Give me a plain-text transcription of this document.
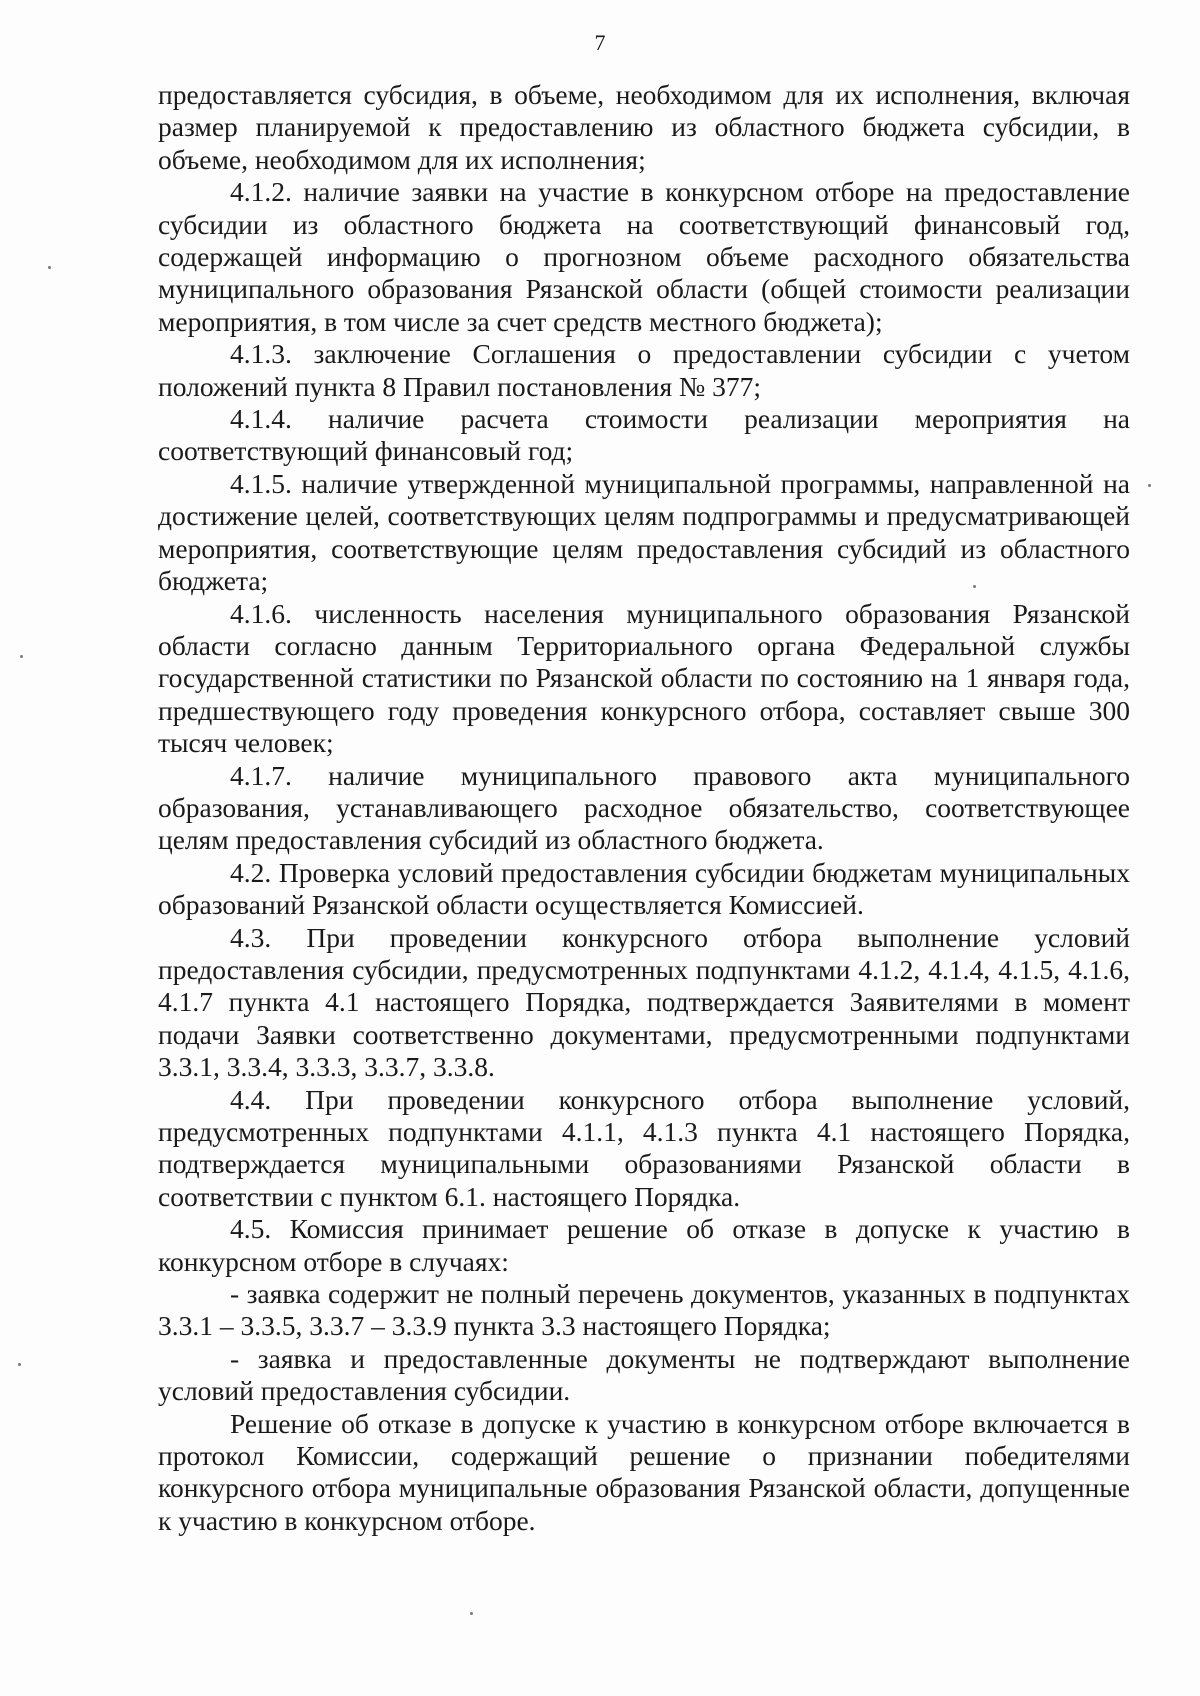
7

предоставляется субсидия, в объеме, необходимом для их исполнения, включая размер планируемой к предоставлению из областного бюджета субсидии, в объеме, необходимом для их исполнения;

4.1.2. наличие заявки на участие в конкурсном отборе на предоставление субсидии из областного бюджета на соответствующий финансовый год, содержащей информацию о прогнозном объеме расходного обязательства муниципального образования Рязанской области (общей стоимости реализации мероприятия, в том числе за счет средств местного бюджета);

4.1.3. заключение Соглашения о предоставлении субсидии с учетом положений пункта 8 Правил постановления № 377;

4.1.4. наличие расчета стоимости реализации мероприятия на соответствующий финансовый год;

4.1.5. наличие утвержденной муниципальной программы, направленной на достижение целей, соответствующих целям подпрограммы и предусматривающей мероприятия, соответствующие целям предоставления субсидий из областного бюджета;

4.1.6. численность населения муниципального образования Рязанской области согласно данным Территориального органа Федеральной службы государственной статистики по Рязанской области по состоянию на 1 января года, предшествующего году проведения конкурсного отбора, составляет свыше 300 тысяч человек;

4.1.7. наличие муниципального правового акта муниципального образования, устанавливающего расходное обязательство, соответствующее целям предоставления субсидий из областного бюджета.

4.2. Проверка условий предоставления субсидии бюджетам муниципальных образований Рязанской области осуществляется Комиссией.

4.3. При проведении конкурсного отбора выполнение условий предоставления субсидии, предусмотренных подпунктами 4.1.2, 4.1.4, 4.1.5, 4.1.6, 4.1.7 пункта 4.1 настоящего Порядка, подтверждается Заявителями в момент подачи Заявки соответственно документами, предусмотренными подпунктами 3.3.1, 3.3.4, 3.3.3, 3.3.7, 3.3.8.

4.4. При проведении конкурсного отбора выполнение условий, предусмотренных подпунктами 4.1.1, 4.1.3 пункта 4.1 настоящего Порядка, подтверждается муниципальными образованиями Рязанской области в соответствии с пунктом 6.1. настоящего Порядка.

4.5. Комиссия принимает решение об отказе в допуске к участию в конкурсном отборе в случаях:

- заявка содержит не полный перечень документов, указанных в подпунктах 3.3.1 – 3.3.5, 3.3.7 – 3.3.9 пункта 3.3 настоящего Порядка;

- заявка и предоставленные документы не подтверждают выполнение условий предоставления субсидии.

Решение об отказе в допуске к участию в конкурсном отборе включается в протокол Комиссии, содержащий решение о признании победителями конкурсного отбора муниципальные образования Рязанской области, допущенные к участию в конкурсном отборе.
